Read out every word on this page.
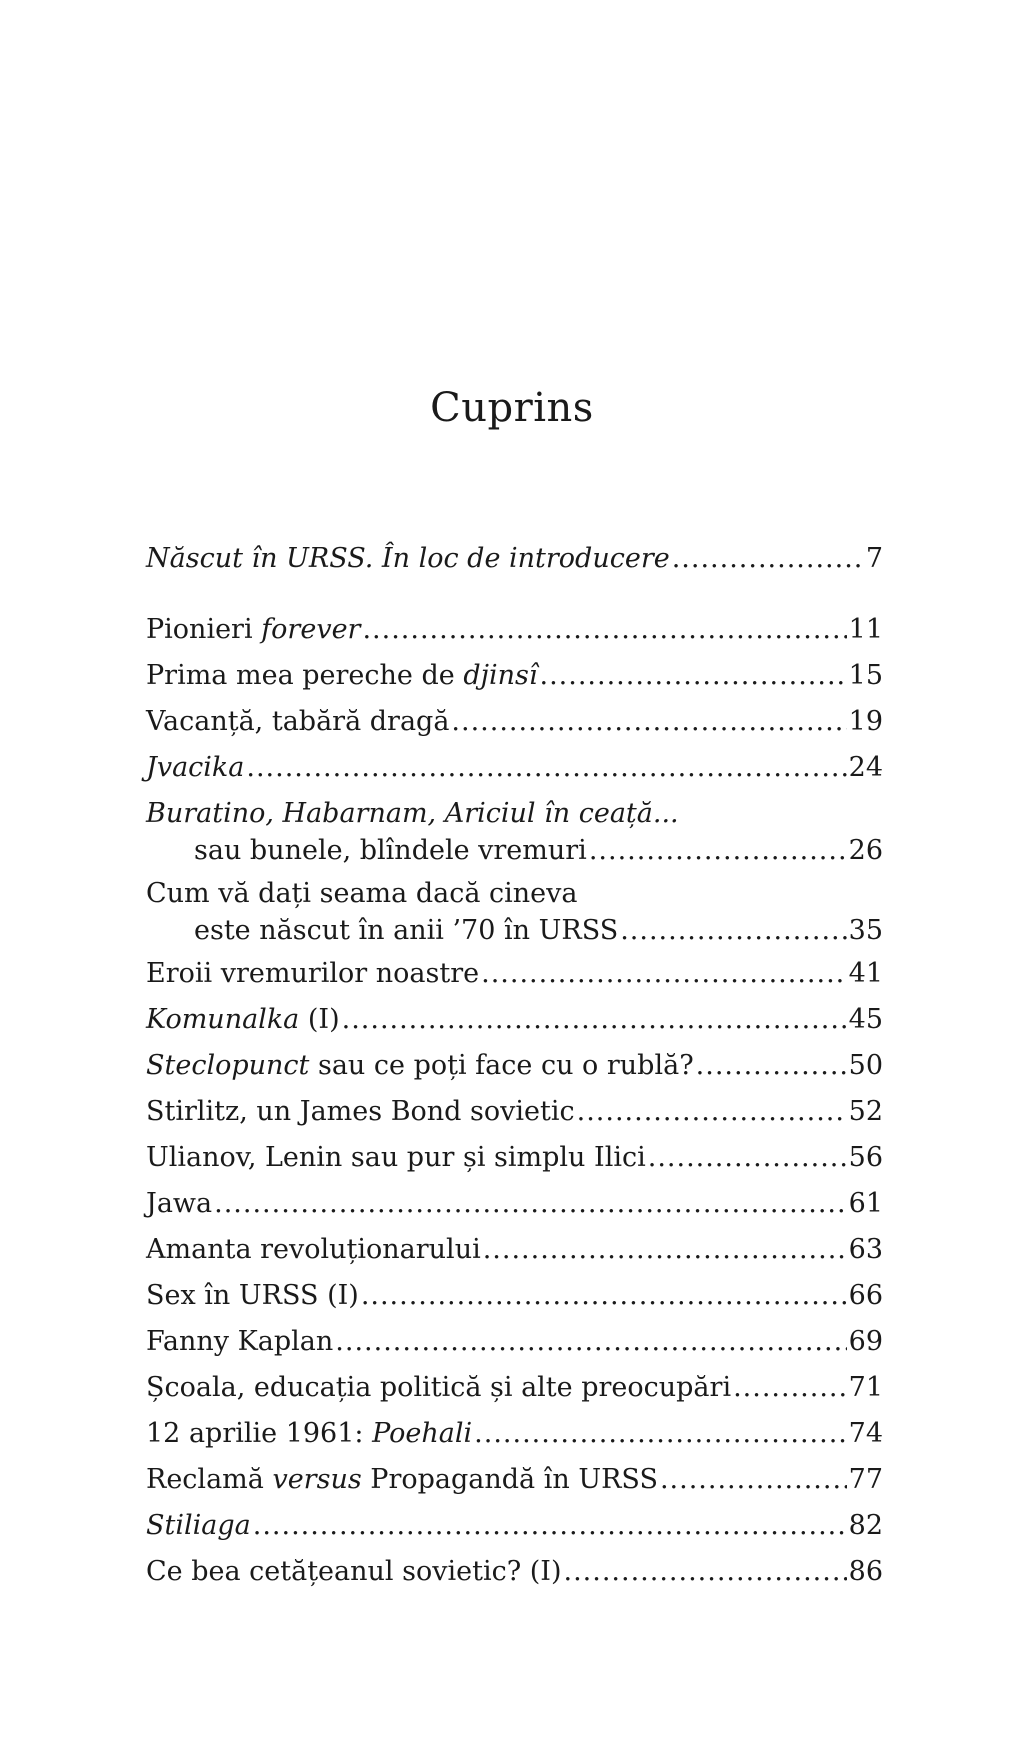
Cuprins
Născut în URSS. În loc de introducere .....	7
Pionieri forever .....	11
Prima mea pereche de djinsî .....	15
Vacanță, tabără dragă .....	19
Jvacika .....	24
Buratino, Habarnam, Ariciul în ceață...
sau bunele, blîndele vremuri .....	26
Cum vă dați seama dacă cineva
este născut în anii ’70 în URSS .....	35
Eroii vremurilor noastre .....	41
Komunalka (I) .....	45
Steclopunct sau ce poți face cu o rublă? .....	50
Stirlitz, un James Bond sovietic .....	52
Ulianov, Lenin sau pur și simplu Ilici .....	56
Jawa .....	61
Amanta revoluționarului .....	63
Sex în URSS (I) .....	66
Fanny Kaplan .....	69
Școala, educația politică și alte preocupări .....	71
12 aprilie 1961: Poehali .....	74
Reclamă versus Propagandă în URSS .....	77
Stiliaga .....	82
Ce bea cetățeanul sovietic? (I) .....	86
